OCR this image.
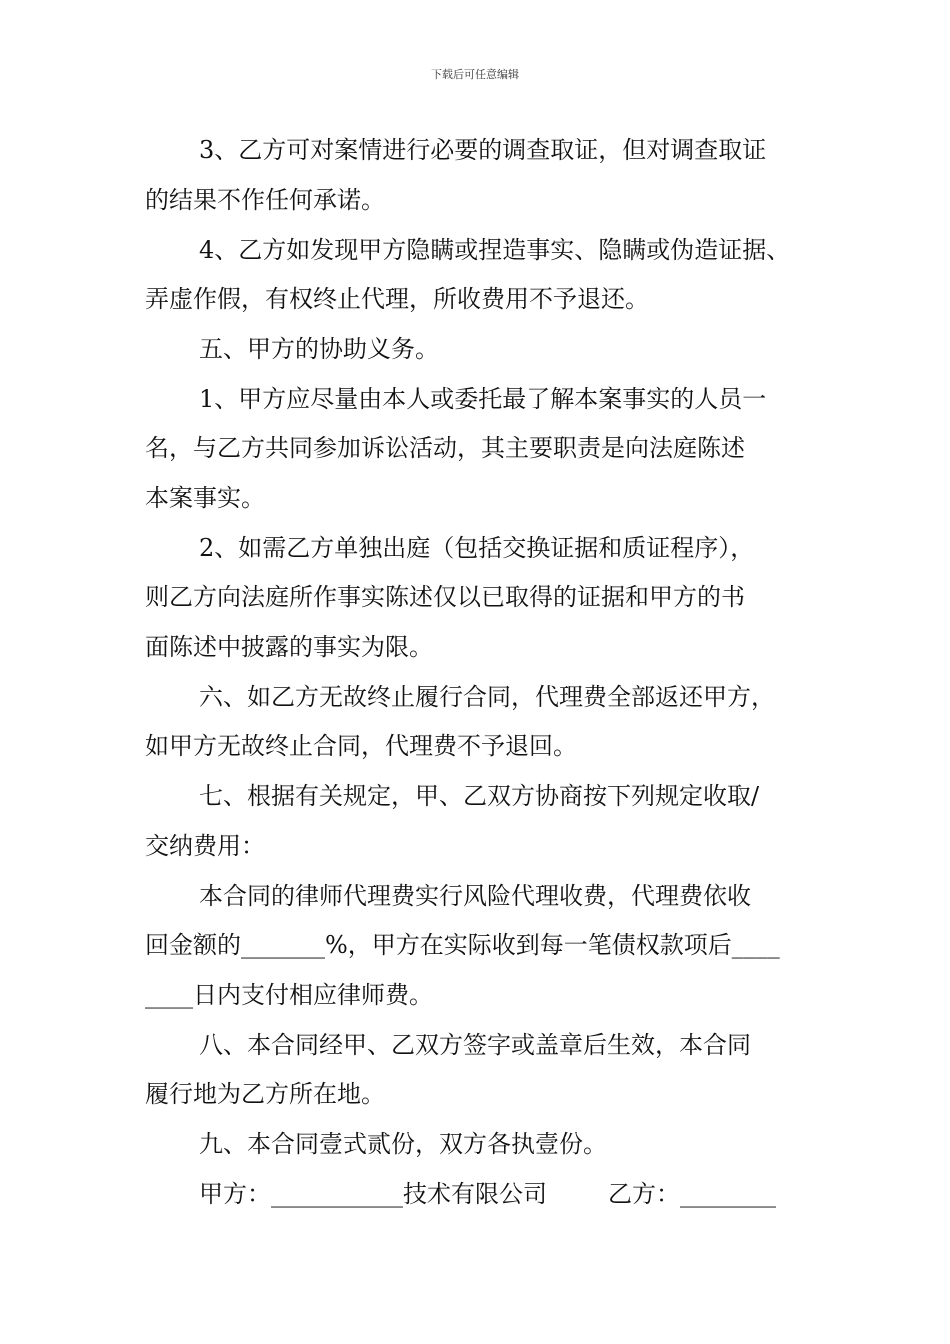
下载后可任意编辑
3、乙方可对案情进行必要的调查取证，但对调查取证
的结果不作任何承诺。
4、乙方如发现甲方隐瞒或捏造事实、隐瞒或伪造证据、
弄虚作假，有权终止代理，所收费用不予退还。
五、甲方的协助义务。
1、甲方应尽量由本人或委托最了解本案事实的人员一
名，与乙方共同参加诉讼活动，其主要职责是向法庭陈述
本案事实。
2、如需乙方单独出庭（包括交换证据和质证程序），
则乙方向法庭所作事实陈述仅以已取得的证据和甲方的书
面陈述中披露的事实为限。
六、如乙方无故终止履行合同，代理费全部返还甲方，
如甲方无故终止合同，代理费不予退回。
七、根据有关规定，甲、乙双方协商按下列规定收取/
交纳费用：
本合同的律师代理费实行风险代理收费，代理费依收
回金额的_______%，甲方在实际收到每一笔债权款项后____
____日内支付相应律师费。
八、本合同经甲、乙双方签字或盖章后生效，本合同
履行地为乙方所在地。
九、本合同壹式贰份，双方各执壹份。
甲方：___________技术有限公司        乙方：________
